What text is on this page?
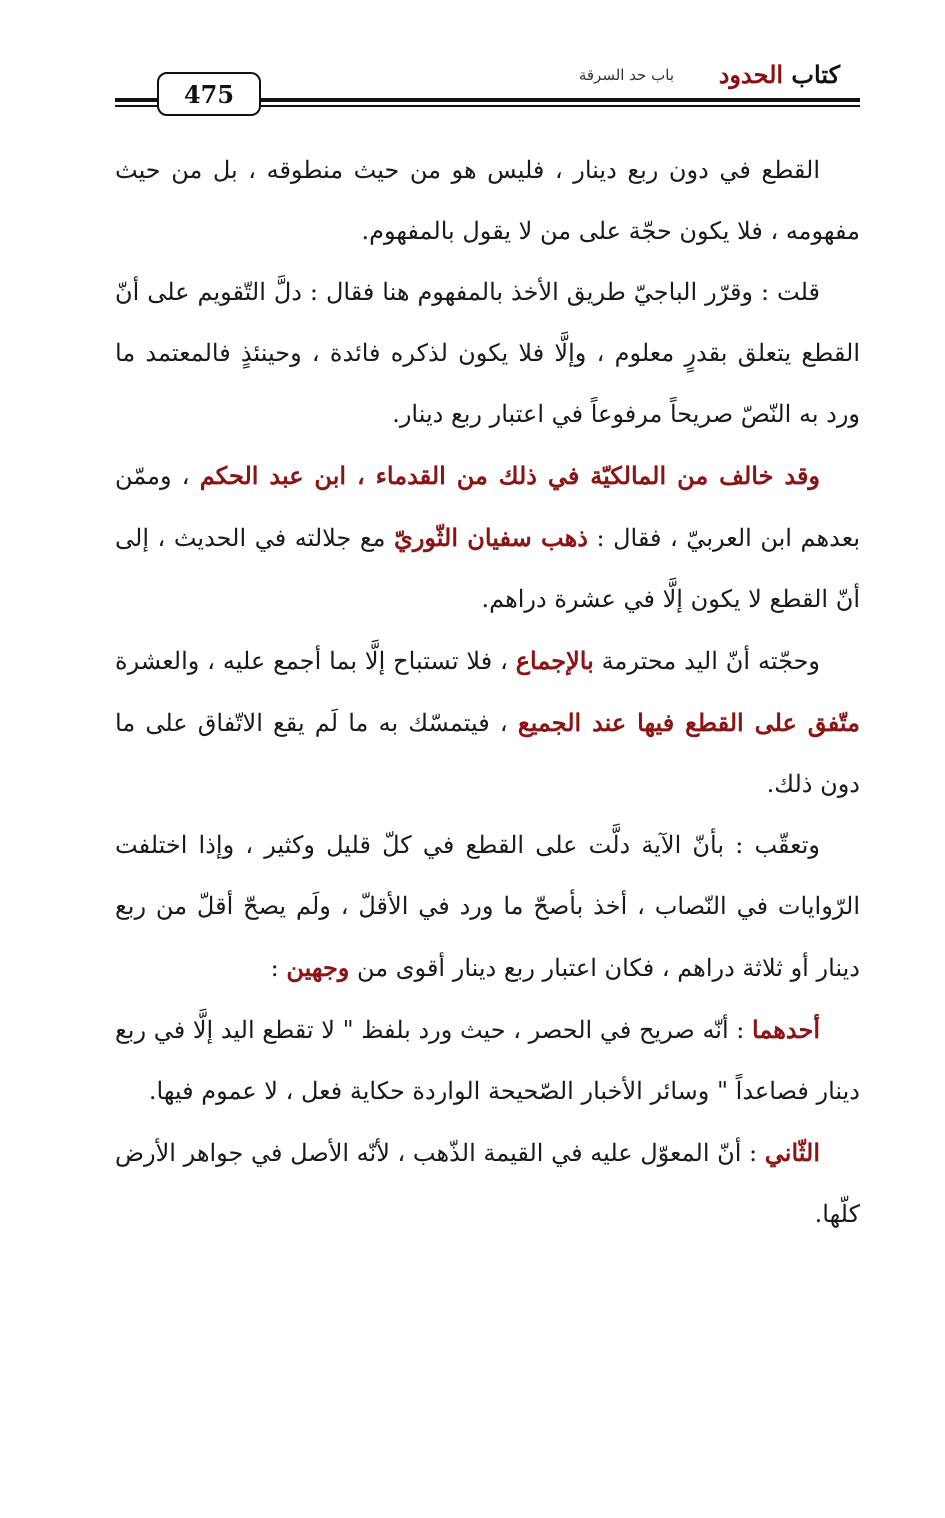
كتاب الحدود
باب حد السرقة
475

القطع في دون ربع دينار ، فليس هو من حيث منطوقه ، بل من حيث مفهومه ، فلا يكون حجّة على من لا يقول بالمفهوم.

قلت : وقرّر الباجيّ طريق الأخذ بالمفهوم هنا فقال : دلَّ التّقويم على أنّ القطع يتعلق بقدرٍ معلوم ، وإلَّا فلا يكون لذكره فائدة ، وحينئذٍ فالمعتمد ما ورد به النّصّ صريحاً مرفوعاً في اعتبار ربع دينار.

وقد خالف من المالكيّة في ذلك من القدماء ، ابن عبد الحكم ، وممّن بعدهم ابن العربيّ ، فقال : ذهب سفيان الثّوريّ مع جلالته في الحديث ، إلى أنّ القطع لا يكون إلَّا في عشرة دراهم.

وحجّته أنّ اليد محترمة بالإجماع ، فلا تستباح إلَّا بما أجمع عليه ، والعشرة متّفق على القطع فيها عند الجميع ، فيتمسّك به ما لَم يقع الاتّفاق على ما دون ذلك.

وتعقّب : بأنّ الآية دلَّت على القطع في كلّ قليل وكثير ، وإذا اختلفت الرّوايات في النّصاب ، أخذ بأصحّ ما ورد في الأقلّ ، ولَم يصحّ أقلّ من ربع دينار أو ثلاثة دراهم ، فكان اعتبار ربع دينار أقوى من وجهين :

أحدهما : أنّه صريح في الحصر ، حيث ورد بلفظ " لا تقطع اليد إلَّا في ربع دينار فصاعداً " وسائر الأخبار الصّحيحة الواردة حكاية فعل ، لا عموم فيها.

الثّاني : أنّ المعوّل عليه في القيمة الذّهب ، لأنّه الأصل في جواهر الأرض كلّها.
